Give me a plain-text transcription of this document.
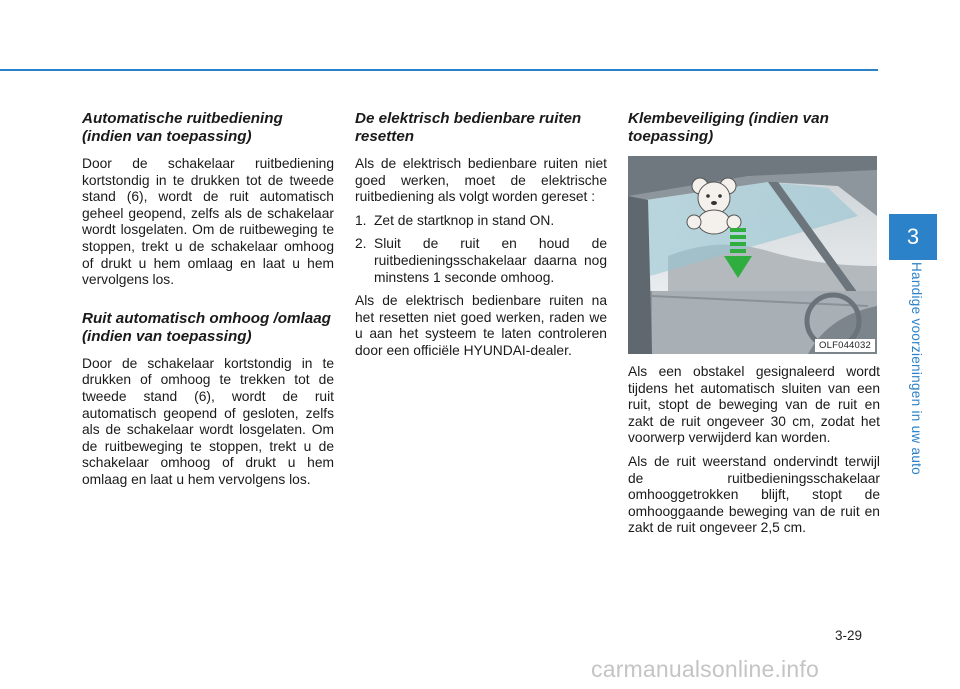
Automatische ruitbediening (indien van toepassing)

Door de schakelaar ruitbediening kortstondig in te drukken tot de tweede stand (6), wordt de ruit automatisch geheel geopend, zelfs als de schakelaar wordt losgelaten. Om de ruitbeweging te stoppen, trekt u de schakelaar omhoog of drukt u hem omlaag en laat u hem vervolgens los.

Ruit automatisch omhoog /omlaag (indien van toepassing)

Door de schakelaar kortstondig in te drukken of omhoog te trekken tot de tweede stand (6), wordt de ruit automatisch geopend of gesloten, zelfs als de schakelaar wordt losgelaten. Om de ruitbeweging te stoppen, trekt u de schakelaar omhoog of drukt u hem omlaag en laat u hem vervolgens los.

De elektrisch bedienbare ruiten resetten

Als de elektrisch bedienbare ruiten niet goed werken, moet de elektrische ruitbediening als volgt worden gereset :

1. Zet de startknop in stand ON.
2. Sluit de ruit en houd de ruitbedieningsschakelaar daarna nog minstens 1 seconde omhoog.

Als de elektrisch bedienbare ruiten na het resetten niet goed werken, raden we u aan het systeem te laten controleren door een officiële HYUNDAI-dealer.

Klembeveiliging (indien van toepassing)
OLF044032

Als een obstakel gesignaleerd wordt tijdens het automatisch sluiten van een ruit, stopt de beweging van de ruit en zakt de ruit ongeveer 30 cm, zodat het voorwerp verwijderd kan worden.

Als de ruit weerstand ondervindt terwijl de ruitbedieningsschakelaar omhooggetrokken blijft, stopt de omhooggaande beweging van de ruit en zakt de ruit ongeveer 2,5 cm.

3
Handige voorzieningen in uw auto
3-29
carmanualsonline.info
